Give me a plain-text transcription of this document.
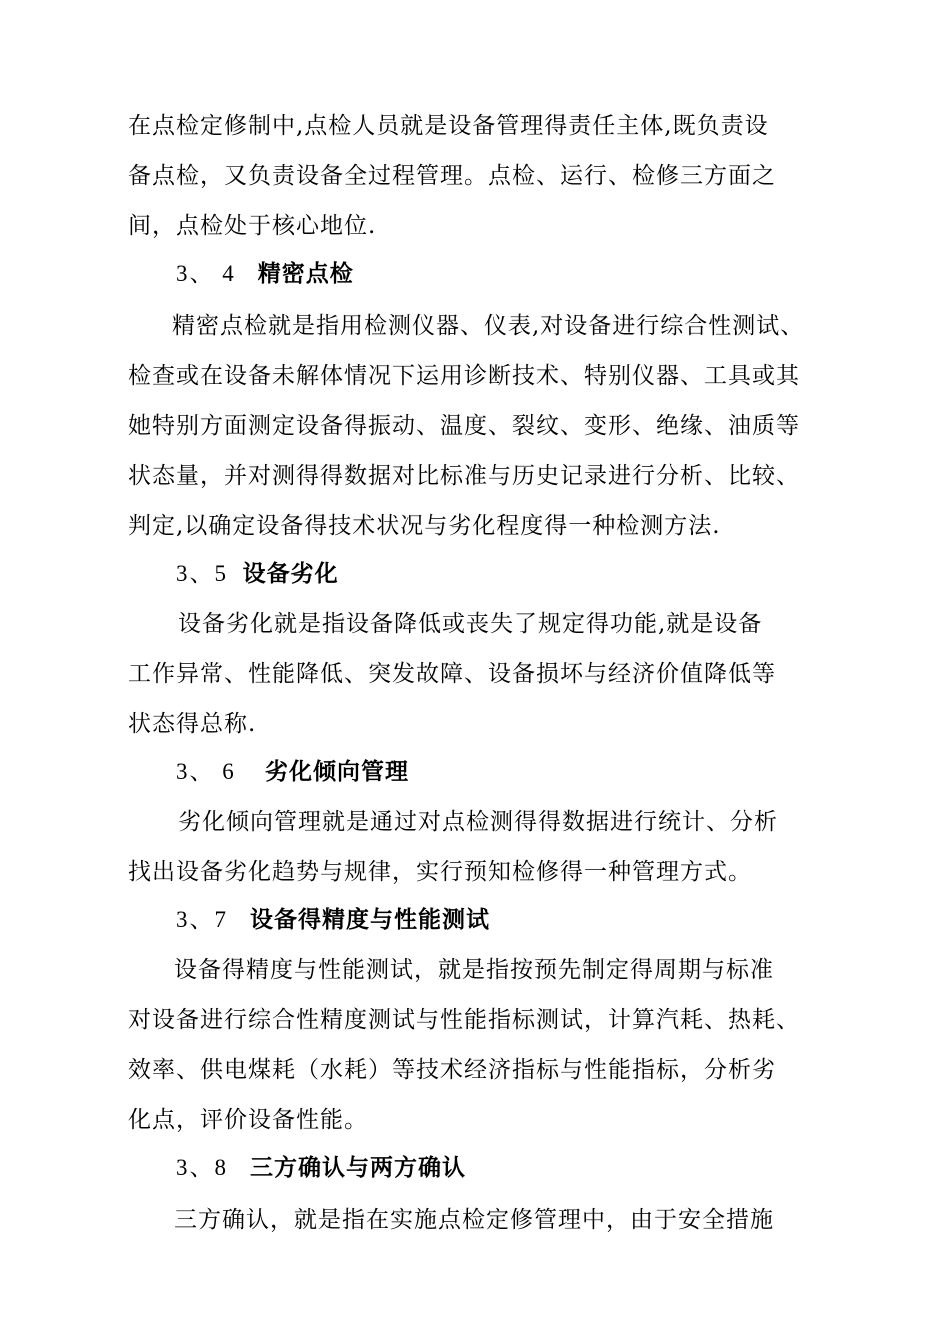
在点检定修制中,点检人员就是设备管理得责任主体,既负责设
备点检，又负责设备全过程管理。点检、运行、检修三方面之
间，点检处于核心地位.
3、 4 精密点检
精密点检就是指用检测仪器、仪表,对设备进行综合性测试、
检查或在设备未解体情况下运用诊断技术、特别仪器、工具或其
她特别方面测定设备得振动、温度、裂纹、变形、绝缘、油质等
状态量，并对测得得数据对比标准与历史记录进行分析、比较、
判定,以确定设备得技术状况与劣化程度得一种检测方法.
3、5 设备劣化
设备劣化就是指设备降低或丧失了规定得功能,就是设备
工作异常、性能降低、突发故障、设备损坏与经济价值降低等
状态得总称.
3、 6 劣化倾向管理
劣化倾向管理就是通过对点检测得得数据进行统计、分析
找出设备劣化趋势与规律，实行预知检修得一种管理方式。
3、7 设备得精度与性能测试
设备得精度与性能测试，就是指按预先制定得周期与标准
对设备进行综合性精度测试与性能指标测试，计算汽耗、热耗、
效率、供电煤耗（水耗）等技术经济指标与性能指标，分析劣
化点，评价设备性能。
3、8 三方确认与两方确认
三方确认，就是指在实施点检定修管理中，由于安全措施
